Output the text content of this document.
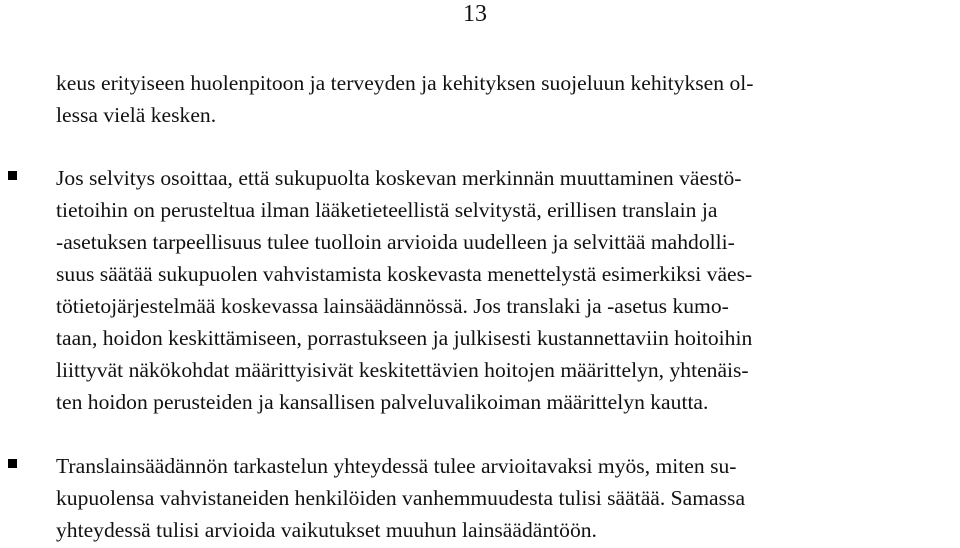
13
keus erityiseen huolenpitoon ja terveyden ja kehityksen suojeluun kehityksen ol-
lessa vielä kesken.
Jos selvitys osoittaa, että sukupuolta koskevan merkinnän muuttaminen väestö-
tietoihin on perusteltua ilman lääketieteellistä selvitystä, erillisen translain ja
-asetuksen tarpeellisuus tulee tuolloin arvioida uudelleen ja selvittää mahdolli-
suus säätää sukupuolen vahvistamista koskevasta menettelystä esimerkiksi väes-
tötietojärjestelmää koskevassa lainsäädännössä. Jos translaki ja -asetus kumo-
taan, hoidon keskittämiseen, porrastukseen ja julkisesti kustannettaviin hoitoihin
liittyvät näkökohdat määrittyisivät keskitettävien hoitojen määrittelyn, yhtenäis-
ten hoidon perusteiden ja kansallisen palveluvalikoiman määrittelyn kautta.
Translainsäädännön tarkastelun yhteydessä tulee arvioitavaksi myös, miten su-
kupuolensa vahvistaneiden henkilöiden vanhemmuudesta tulisi säätää. Samassa
yhteydessä tulisi arvioida vaikutukset muuhun lainsäädäntöön.
